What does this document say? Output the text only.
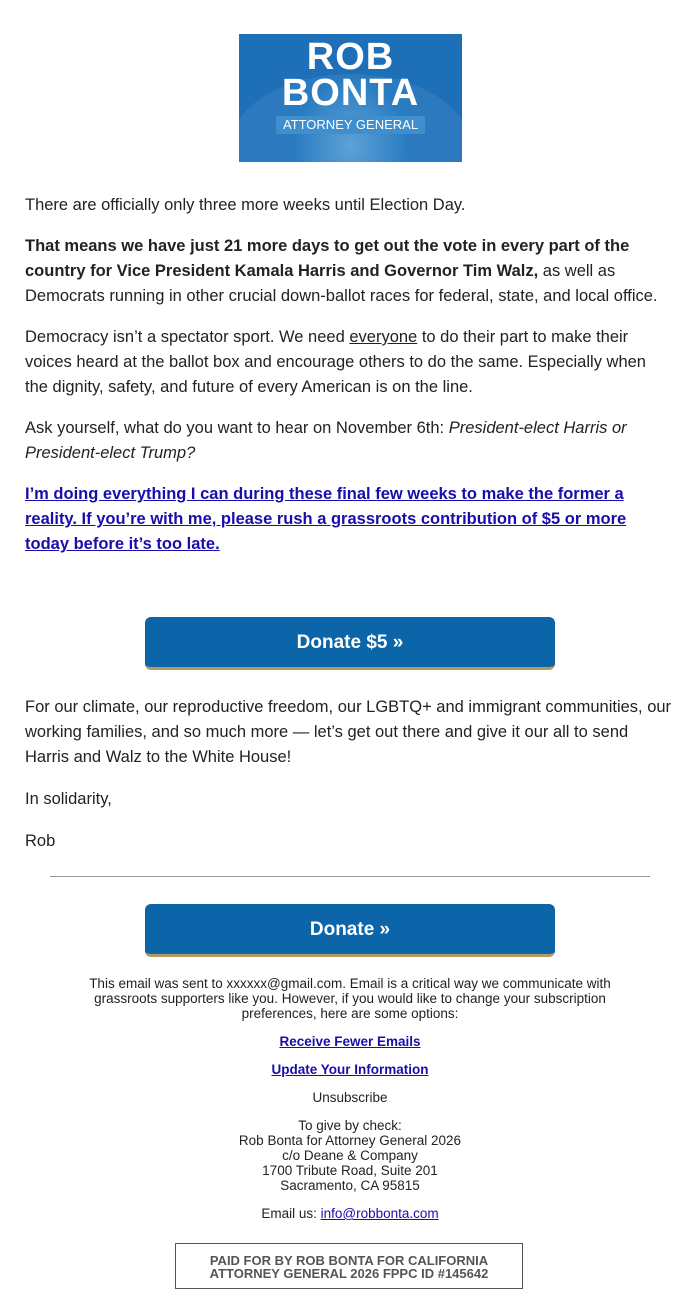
ROB
BONTA
ATTORNEY GENERAL

There are officially only three more weeks until Election Day.

That means we have just 21 more days to get out the vote in every part of the country for Vice President Kamala Harris and Governor Tim Walz, as well as Democrats running in other crucial down-ballot races for federal, state, and local office.

Democracy isn’t a spectator sport. We need everyone to do their part to make their voices heard at the ballot box and encourage others to do the same. Especially when the dignity, safety, and future of every American is on the line.

Ask yourself, what do you want to hear on November 6th: President-elect Harris or President-elect Trump?

I’m doing everything I can during these final few weeks to make the former a reality. If you’re with me, please rush a grassroots contribution of $5 or more today before it’s too late.

Donate $5 »

For our climate, our reproductive freedom, our LGBTQ+ and immigrant communities, our working families, and so much more — let’s get out there and give it our all to send Harris and Walz to the White House!

In solidarity,

Rob

Donate »

This email was sent to xxxxxx@gmail.com. Email is a critical way we communicate with grassroots supporters like you. However, if you would like to change your subscription preferences, here are some options:

Receive Fewer Emails

Update Your Information

Unsubscribe

To give by check:
Rob Bonta for Attorney General 2026
c/o Deane & Company
1700 Tribute Road, Suite 201
Sacramento, CA 95815

Email us: info@robbonta.com

PAID FOR BY ROB BONTA FOR CALIFORNIA
ATTORNEY GENERAL 2026 FPPC ID #145642
